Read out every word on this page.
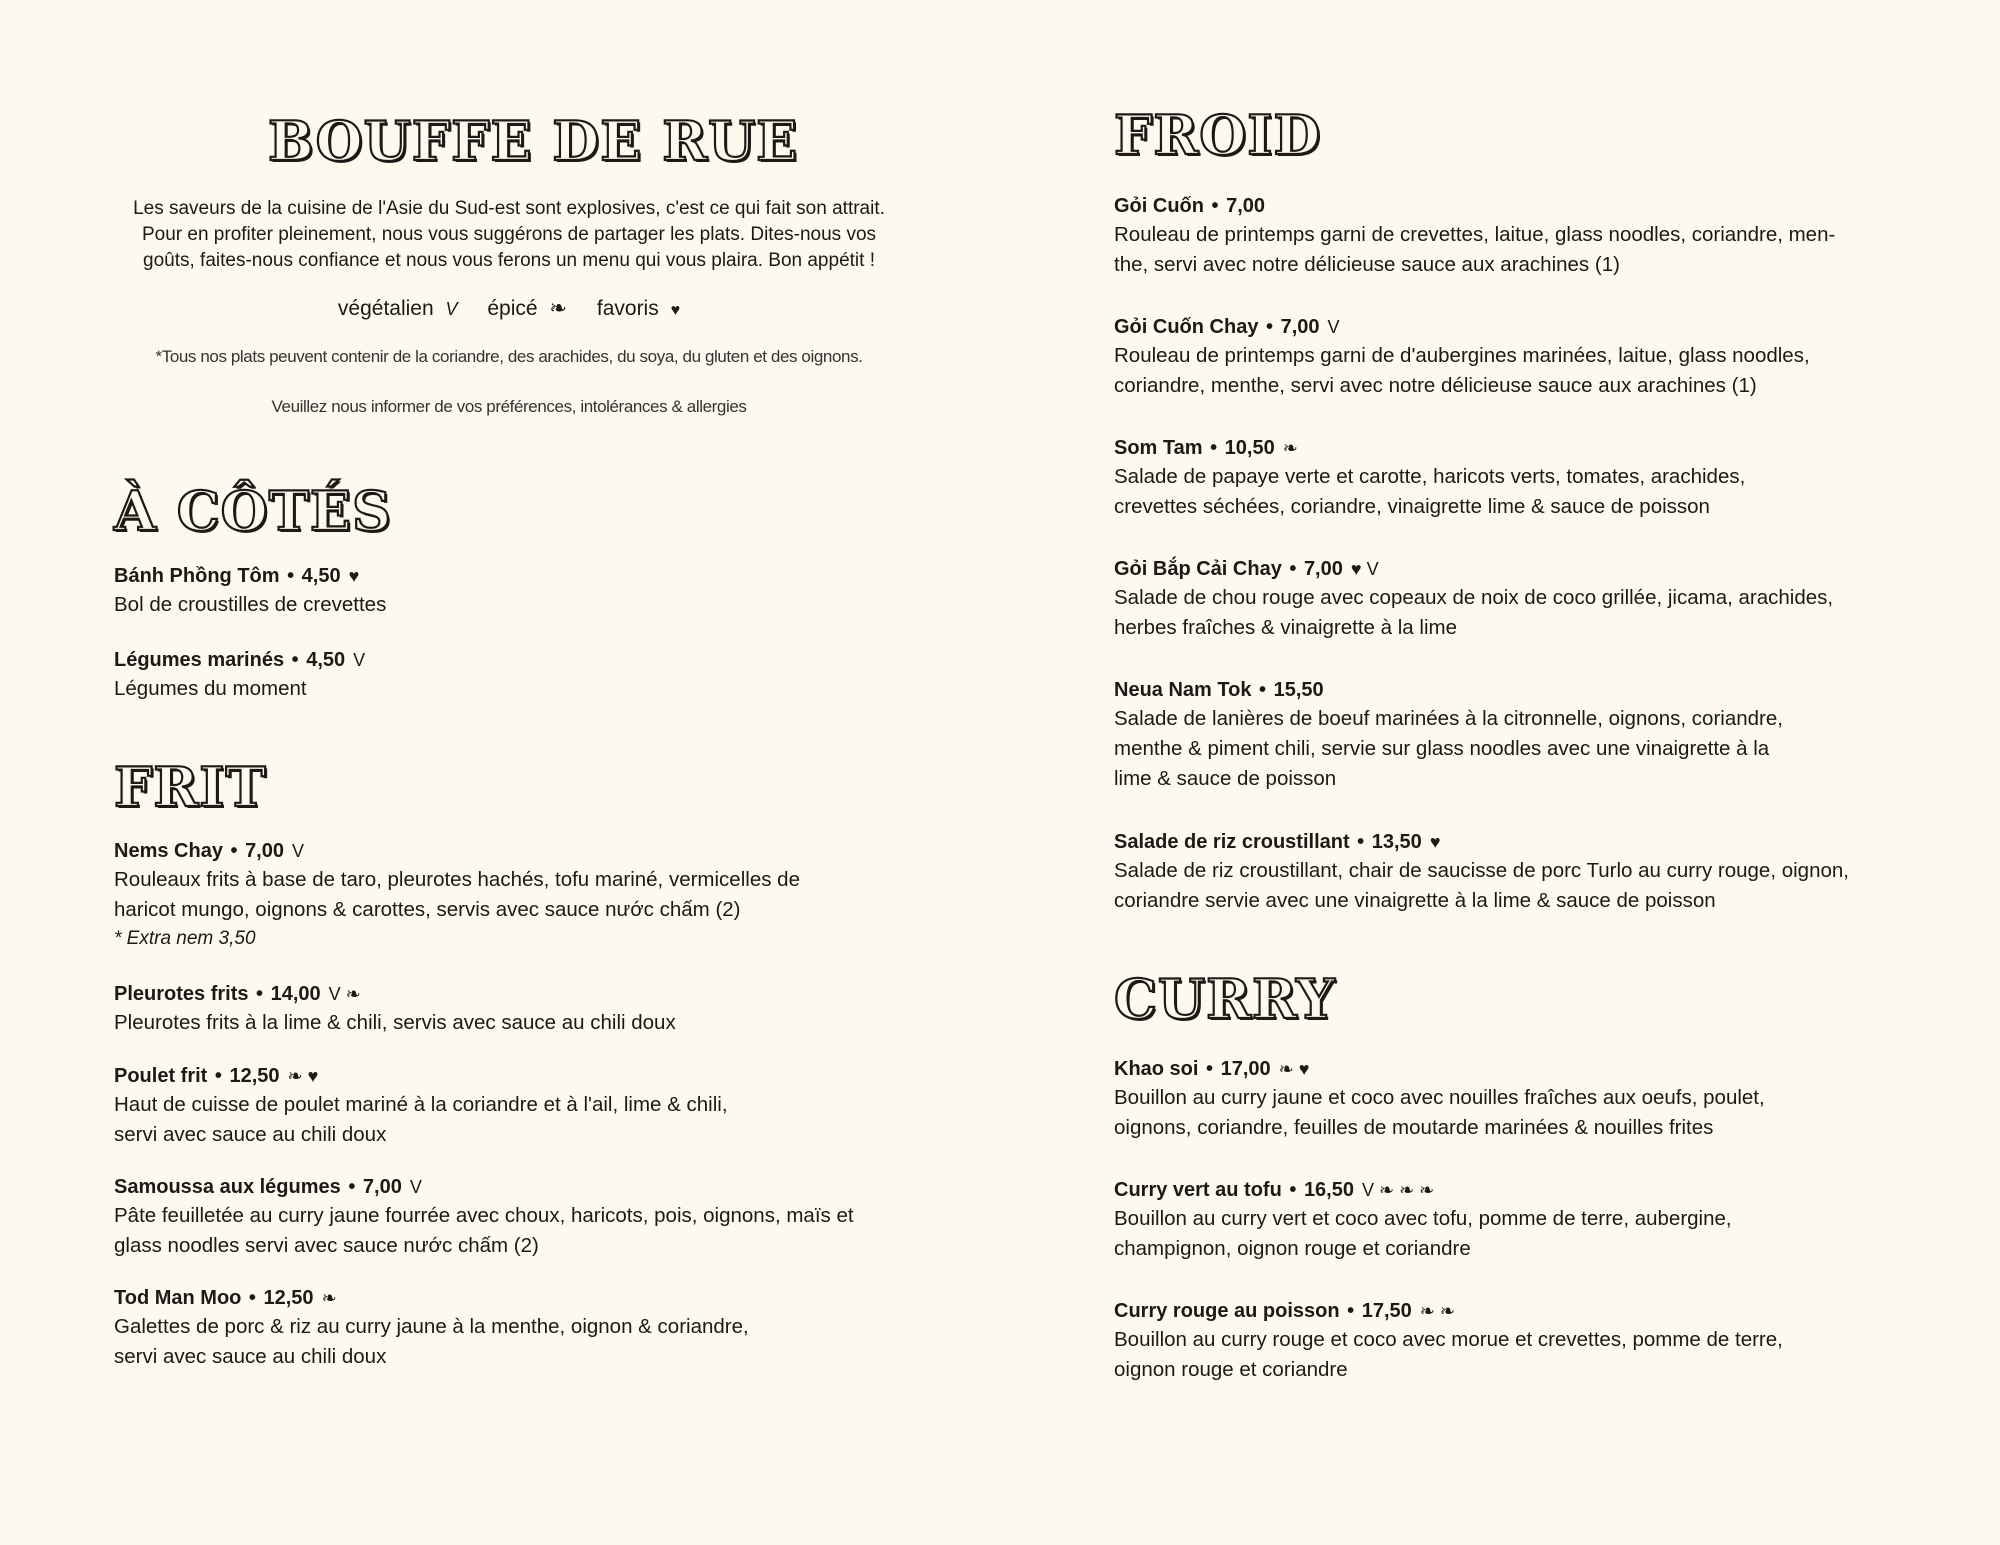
BOUFFE DE RUE
Les saveurs de la cuisine de l'Asie du Sud-est sont explosives, c'est ce qui fait son attrait.
Pour en profiter pleinement, nous vous suggérons de partager les plats. Dites-nous vos
goûts, faites-nous confiance et nous vous ferons un menu qui vous plaira. Bon appétit !
végétalien V épicé ❧ favoris ♥
*Tous nos plats peuvent contenir de la coriandre, des arachides, du soya, du gluten et des oignons.
Veuillez nous informer de vos préférences, intolérances & allergies
À CÔTÉS
Bánh Phồng Tôm • 4,50 ♥
Bol de croustilles de crevettes
Légumes marinés • 4,50 V
Légumes du moment
FRIT
Nems Chay • 7,00 V
Rouleaux frits à base de taro, pleurotes hachés, tofu mariné, vermicelles de
haricot mungo, oignons & carottes, servis avec sauce nước chấm (2)
* Extra nem 3,50
Pleurotes frits • 14,00 V ❧
Pleurotes frits à la lime & chili, servis avec sauce au chili doux
Poulet frit • 12,50 ❧ ♥
Haut de cuisse de poulet mariné à la coriandre et à l'ail, lime & chili,
servi avec sauce au chili doux
Samoussa aux légumes • 7,00 V
Pâte feuilletée au curry jaune fourrée avec choux, haricots, pois, oignons, maïs et
glass noodles servi avec sauce nước chấm (2)
Tod Man Moo • 12,50 ❧
Galettes de porc & riz au curry jaune à la menthe, oignon & coriandre,
servi avec sauce au chili doux
FROID
Gỏi Cuốn • 7,00
Rouleau de printemps garni de crevettes, laitue, glass noodles, coriandre, men-
the, servi avec notre délicieuse sauce aux arachines (1)
Gỏi Cuốn Chay • 7,00 V
Rouleau de printemps garni de d'aubergines marinées, laitue, glass noodles,
coriandre, menthe, servi avec notre délicieuse sauce aux arachines (1)
Som Tam • 10,50 ❧
Salade de papaye verte et carotte, haricots verts, tomates, arachides,
crevettes séchées, coriandre, vinaigrette lime & sauce de poisson
Gỏi Bắp Cải Chay • 7,00 ♥ V
Salade de chou rouge avec copeaux de noix de coco grillée, jicama, arachides,
herbes fraîches & vinaigrette à la lime
Neua Nam Tok • 15,50
Salade de lanières de boeuf marinées à la citronnelle, oignons, coriandre,
menthe & piment chili, servie sur glass noodles avec une vinaigrette à la
lime & sauce de poisson
Salade de riz croustillant • 13,50 ♥
Salade de riz croustillant, chair de saucisse de porc Turlo au curry rouge, oignon,
coriandre servie avec une vinaigrette à la lime & sauce de poisson
CURRY
Khao soi • 17,00 ❧ ♥
Bouillon au curry jaune et coco avec nouilles fraîches aux oeufs, poulet,
oignons, coriandre, feuilles de moutarde marinées & nouilles frites
Curry vert au tofu • 16,50 V ❧ ❧ ❧
Bouillon au curry vert et coco avec tofu, pomme de terre, aubergine,
champignon, oignon rouge et coriandre
Curry rouge au poisson • 17,50 ❧ ❧
Bouillon au curry rouge et coco avec morue et crevettes, pomme de terre,
oignon rouge et coriandre
